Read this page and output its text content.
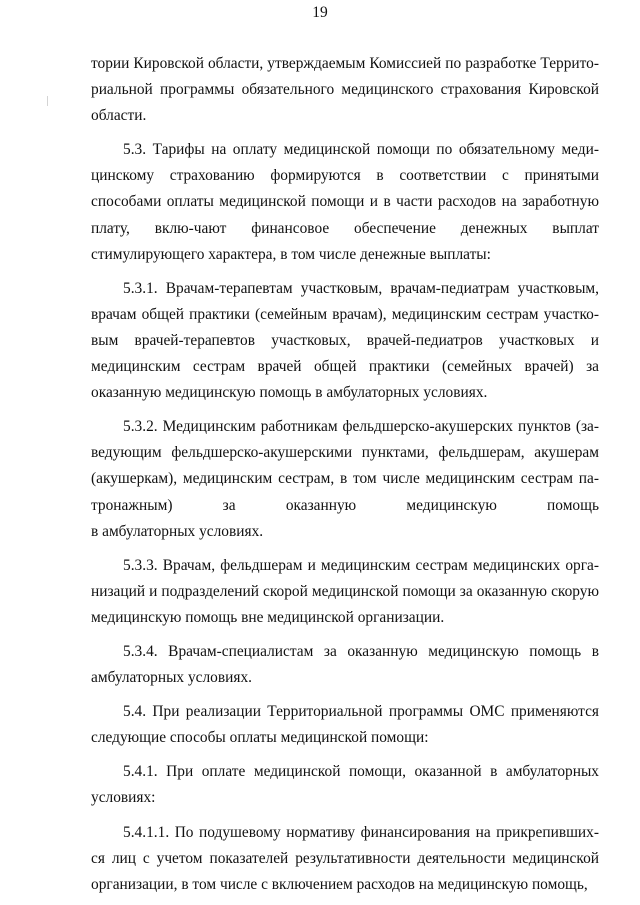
19

тории Кировской области, утверждаемым Комиссией по разработке Террито-риальной программы обязательного медицинского страхования Кировской области.

5.3. Тарифы на оплату медицинской помощи по обязательному меди-цинскому страхованию формируются в соответствии с принятыми способами оплаты медицинской помощи и в части расходов на заработную плату, вклю-чают финансовое обеспечение денежных выплат стимулирующего характера, в том числе денежные выплаты:

5.3.1. Врачам-терапевтам участковым, врачам-педиатрам участковым, врачам общей практики (семейным врачам), медицинским сестрам участко-вым врачей-терапевтов участковых, врачей-педиатров участковых и медицинским сестрам врачей общей практики (семейных врачей) за оказанную медицинскую помощь в амбулаторных условиях.

5.3.2. Медицинским работникам фельдшерско-акушерских пунктов (за-ведующим фельдшерско-акушерскими пунктами, фельдшерам, акушерам (акушеркам), медицинским сестрам, в том числе медицинским сестрам па-тронажным) за оказанную медицинскую помощь

в амбулаторных условиях.

5.3.3. Врачам, фельдшерам и медицинским сестрам медицинских орга-низаций и подразделений скорой медицинской помощи за оказанную скорую медицинскую помощь вне медицинской организации.

5.3.4. Врачам-специалистам за оказанную медицинскую помощь в амбулаторных условиях.

5.4. При реализации Территориальной программы ОМС применяются следующие способы оплаты медицинской помощи:

5.4.1. При оплате медицинской помощи, оказанной в амбулаторных условиях:

5.4.1.1. По подушевому нормативу финансирования на прикрепивших-ся лиц с учетом показателей результативности деятельности медицинской организации, в том числе с включением расходов на медицинскую помощь,
